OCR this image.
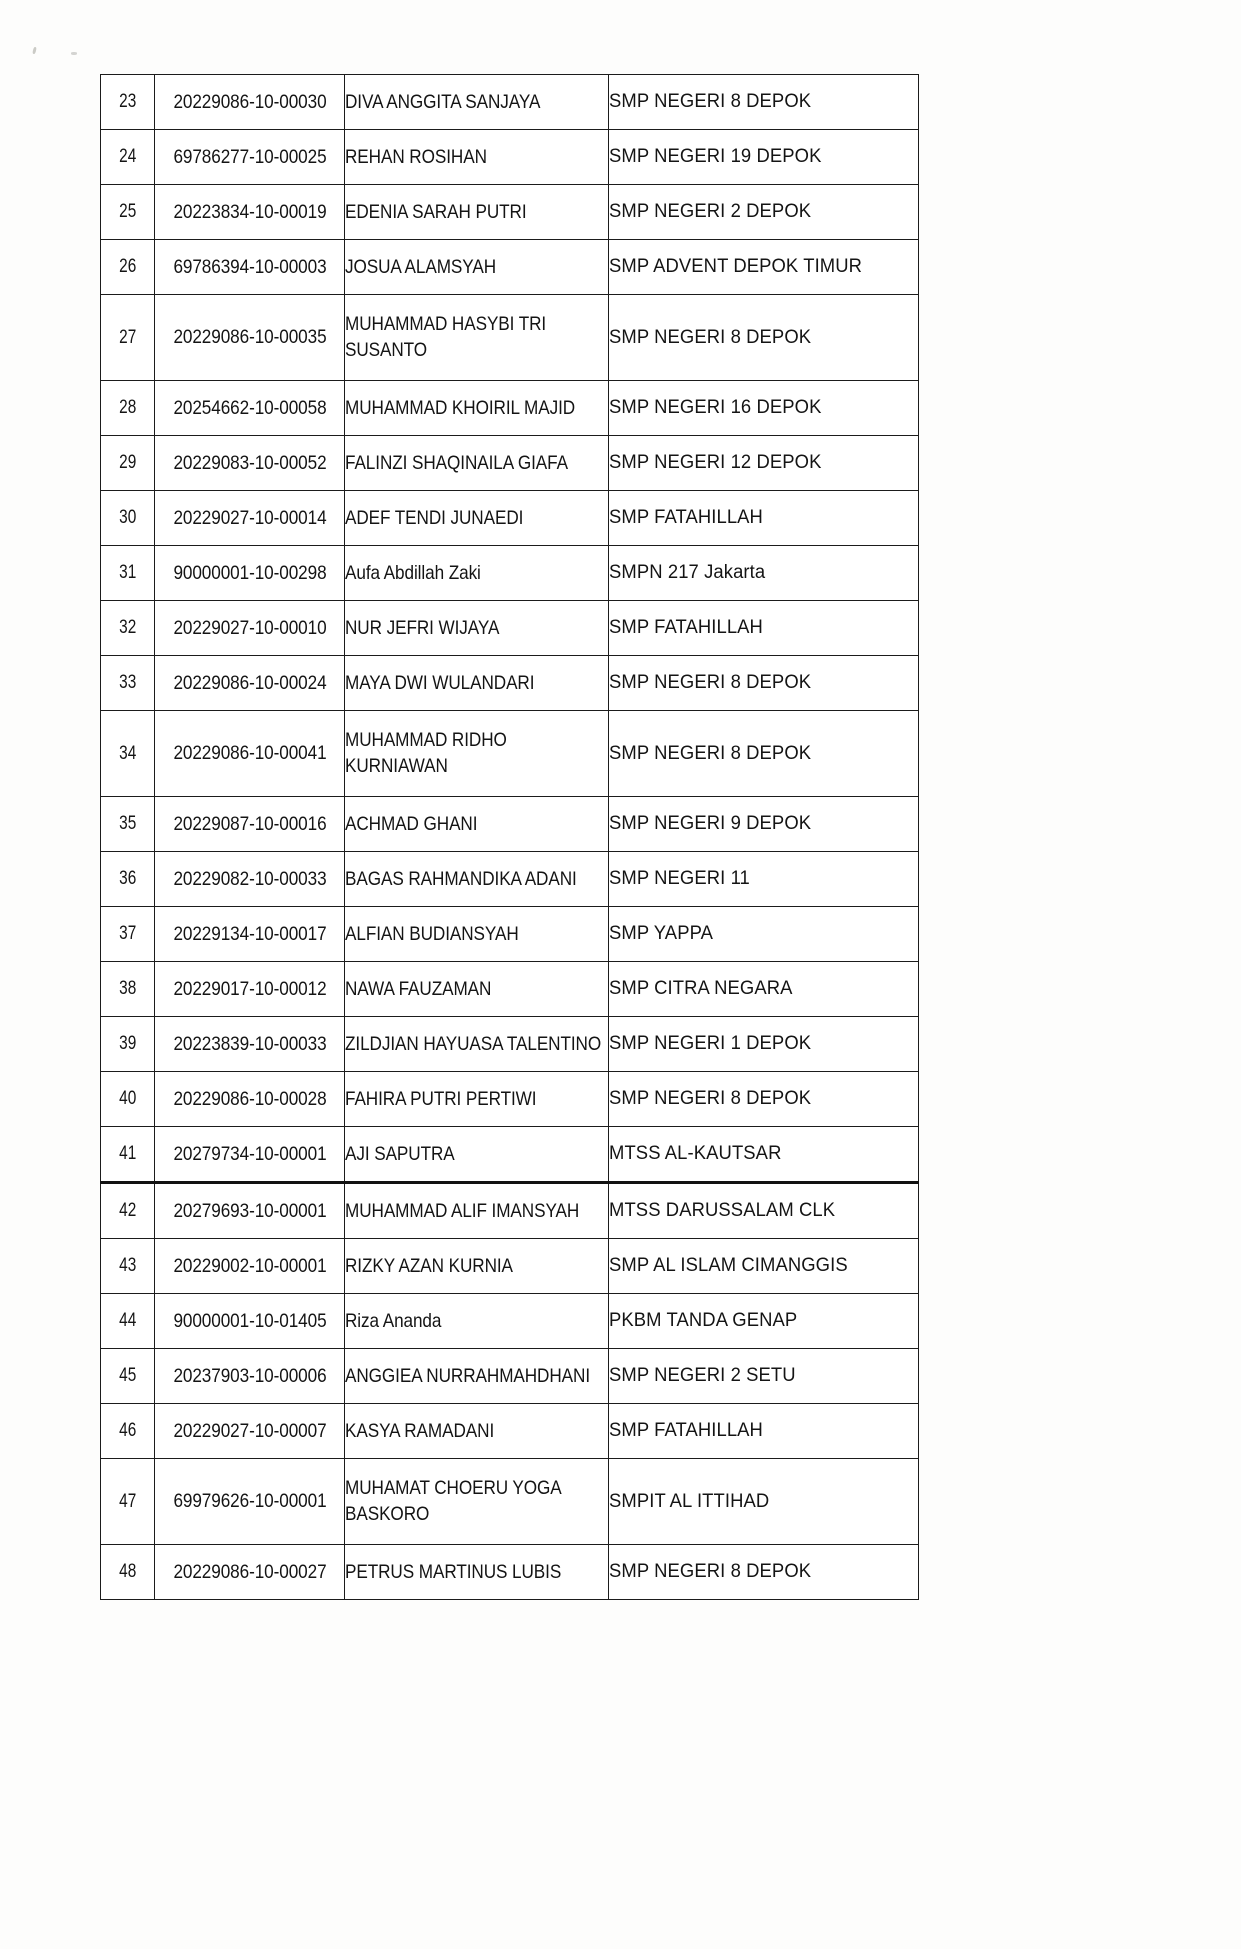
23	20229086-10-00030	DIVA ANGGITA SANJAYA	SMP NEGERI 8 DEPOK
24	69786277-10-00025	REHAN ROSIHAN	SMP NEGERI 19 DEPOK
25	20223834-10-00019	EDENIA SARAH PUTRI	SMP NEGERI 2 DEPOK
26	69786394-10-00003	JOSUA ALAMSYAH	SMP ADVENT DEPOK TIMUR
27	20229086-10-00035	MUHAMMAD HASYBI TRI
SUSANTO	SMP NEGERI 8 DEPOK
28	20254662-10-00058	MUHAMMAD KHOIRIL MAJID	SMP NEGERI 16 DEPOK
29	20229083-10-00052	FALINZI SHAQINAILA GIAFA	SMP NEGERI 12 DEPOK
30	20229027-10-00014	ADEF TENDI JUNAEDI	SMP FATAHILLAH
31	90000001-10-00298	Aufa Abdillah Zaki	SMPN 217 Jakarta
32	20229027-10-00010	NUR JEFRI WIJAYA	SMP FATAHILLAH
33	20229086-10-00024	MAYA DWI WULANDARI	SMP NEGERI 8 DEPOK
34	20229086-10-00041	MUHAMMAD RIDHO
KURNIAWAN	SMP NEGERI 8 DEPOK
35	20229087-10-00016	ACHMAD GHANI	SMP NEGERI 9 DEPOK
36	20229082-10-00033	BAGAS RAHMANDIKA ADANI	SMP NEGERI 11
37	20229134-10-00017	ALFIAN BUDIANSYAH	SMP YAPPA
38	20229017-10-00012	NAWA FAUZAMAN	SMP CITRA NEGARA
39	20223839-10-00033	ZILDJIAN HAYUASA TALENTINO	SMP NEGERI 1 DEPOK
40	20229086-10-00028	FAHIRA PUTRI PERTIWI	SMP NEGERI 8 DEPOK
41	20279734-10-00001	AJI SAPUTRA	MTSS AL-KAUTSAR
42	20279693-10-00001	MUHAMMAD ALIF IMANSYAH	MTSS DARUSSALAM CLK
43	20229002-10-00001	RIZKY AZAN KURNIA	SMP AL ISLAM CIMANGGIS
44	90000001-10-01405	Riza Ananda	PKBM TANDA GENAP
45	20237903-10-00006	ANGGIEA NURRAHMAHDHANI	SMP NEGERI 2 SETU
46	20229027-10-00007	KASYA RAMADANI	SMP FATAHILLAH
47	69979626-10-00001	MUHAMAT CHOERU YOGA
BASKORO	SMPIT AL ITTIHAD
48	20229086-10-00027	PETRUS MARTINUS LUBIS	SMP NEGERI 8 DEPOK
